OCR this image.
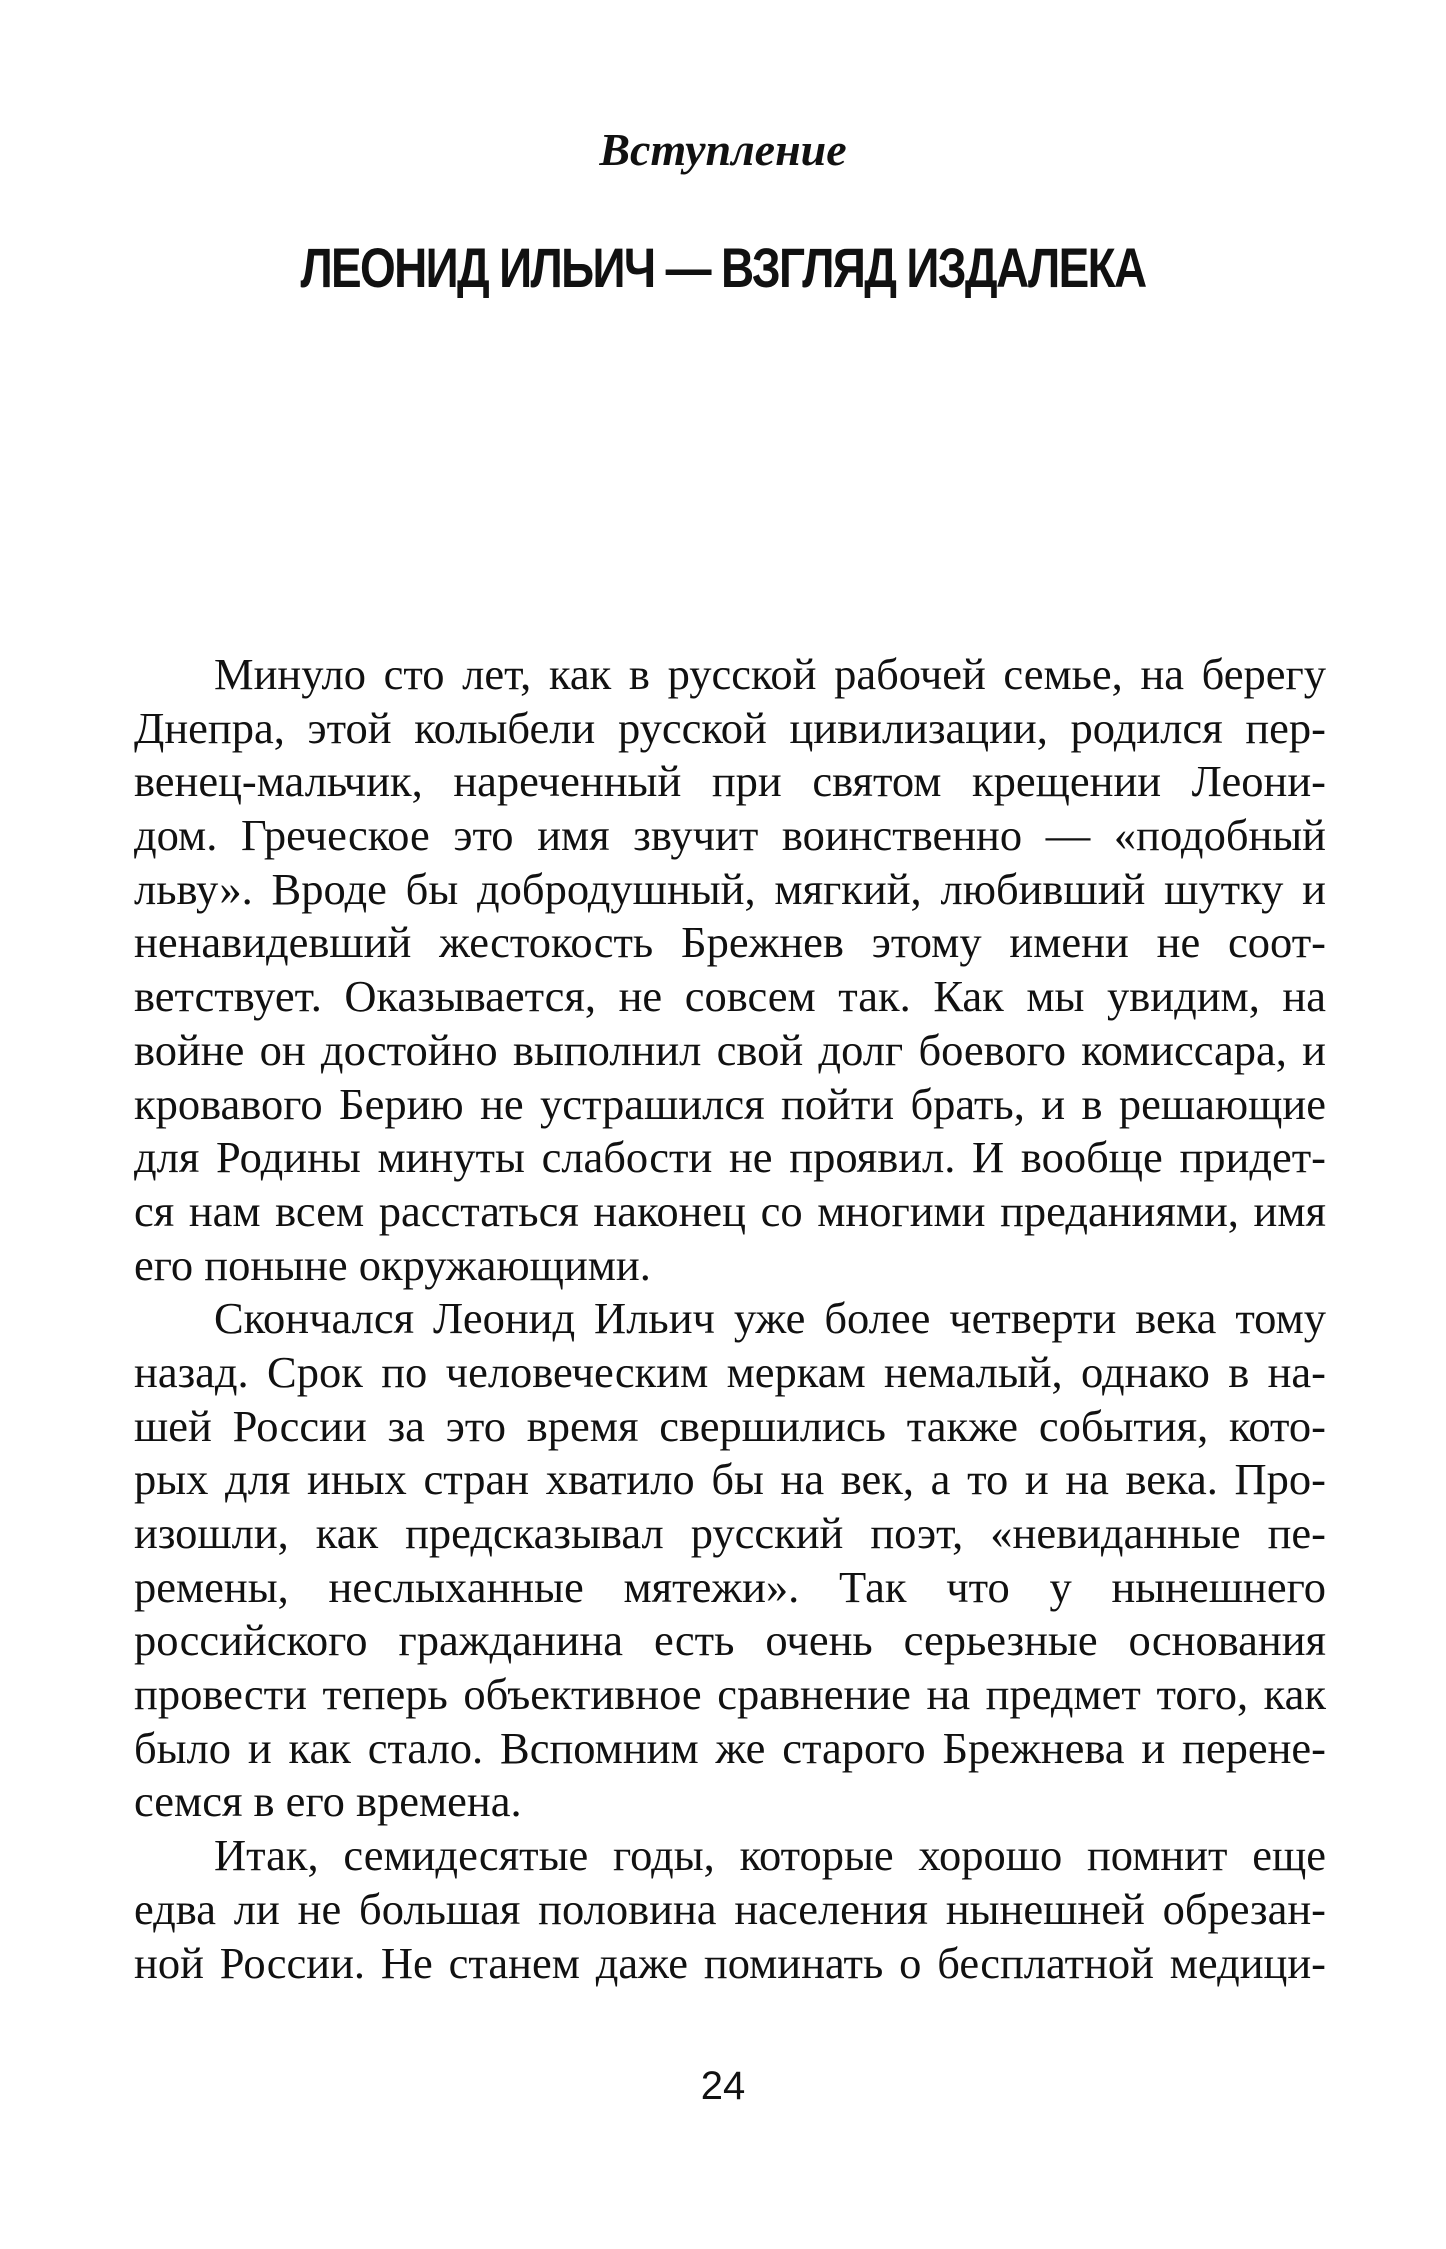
Вступление
ЛЕОНИД ИЛЬИЧ — ВЗГЛЯД ИЗДАЛЕКА
Минуло сто лет, как в русской рабочей семье, на берегу
Днепра, этой колыбели русской цивилизации, родился пер-
венец-мальчик, нареченный при святом крещении Леони-
дом. Греческое это имя звучит воинственно — «подобный
льву». Вроде бы добродушный, мягкий, любивший шутку и
ненавидевший жестокость Брежнев этому имени не соот-
ветствует. Оказывается, не совсем так. Как мы увидим, на
войне он достойно выполнил свой долг боевого комиссара, и
кровавого Берию не устрашился пойти брать, и в решающие
для Родины минуты слабости не проявил. И вообще придет-
ся нам всем расстаться наконец со многими преданиями, имя
его поныне окружающими.
Скончался Леонид Ильич уже более четверти века тому
назад. Срок по человеческим меркам немалый, однако в на-
шей России за это время свершились также события, кото-
рых для иных стран хватило бы на век, а то и на века. Про-
изошли, как предсказывал русский поэт, «невиданные пе-
ремены, неслыханные мятежи». Так что у нынешнего
российского гражданина есть очень серьезные основания
провести теперь объективное сравнение на предмет того, как
было и как стало. Вспомним же старого Брежнева и перене-
семся в его времена.
Итак, семидесятые годы, которые хорошо помнит еще
едва ли не большая половина населения нынешней обрезан-
ной России. Не станем даже поминать о бесплатной медици-
24
